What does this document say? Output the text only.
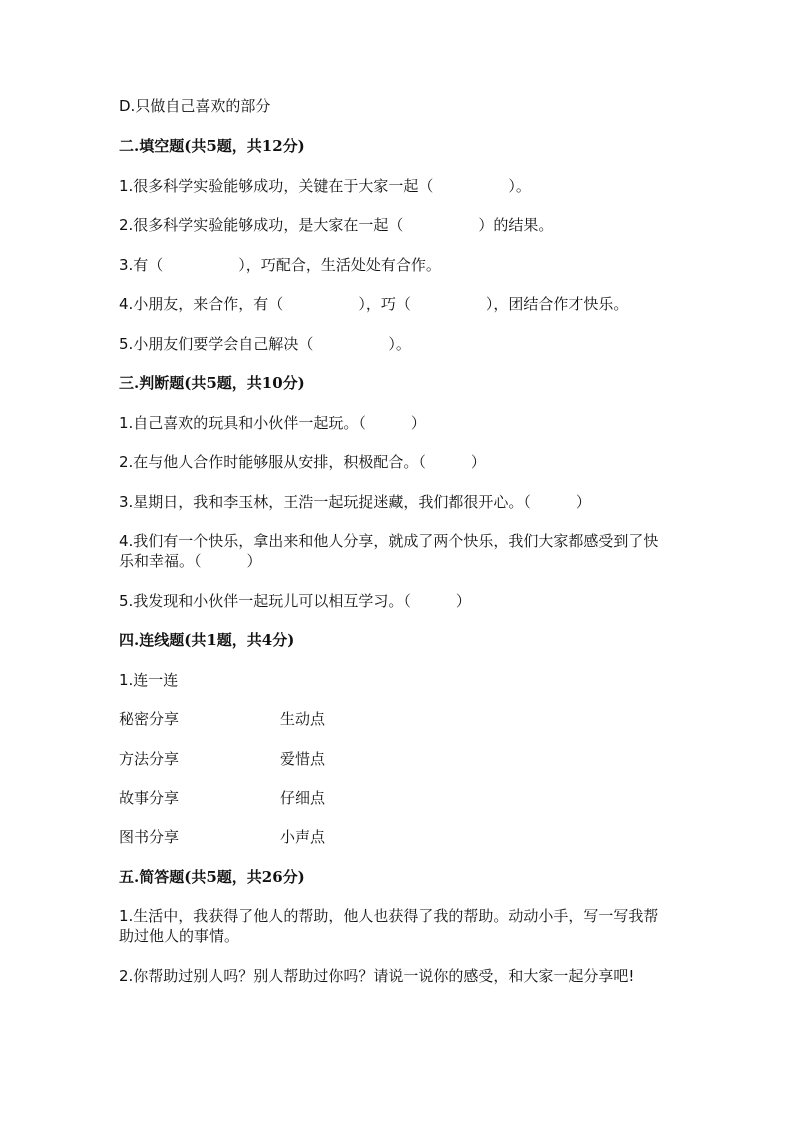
D.只做自己喜欢的部分
二.填空题(共5题，共12分)
1.很多科学实验能够成功，关键在于大家一起（　　　　　）。
2.很多科学实验能够成功，是大家在一起（　　　　　）的结果。
3.有（　　　　　），巧配合，生活处处有合作。
4.小朋友，来合作，有（　　　　　），巧（　　　　　），团结合作才快乐。
5.小朋友们要学会自己解决（　　　　　）。
三.判断题(共5题，共10分)
1.自己喜欢的玩具和小伙伴一起玩。（　　　）
2.在与他人合作时能够服从安排，积极配合。（　　　）
3.星期日，我和李玉林，王浩一起玩捉迷藏，我们都很开心。（　　　）
4.我们有一个快乐，拿出来和他人分享，就成了两个快乐，我们大家都感受到了快乐和幸福。（　　　）
5.我发现和小伙伴一起玩儿可以相互学习。（　　　）
四.连线题(共1题，共4分)
1.连一连
秘密分享	生动点
方法分享	爱惜点
故事分享	仔细点
图书分享	小声点
五.简答题(共5题，共26分)
1.生活中，我获得了他人的帮助，他人也获得了我的帮助。动动小手，写一写我帮助过他人的事情。
2.你帮助过别人吗？别人帮助过你吗？请说一说你的感受，和大家一起分享吧!
